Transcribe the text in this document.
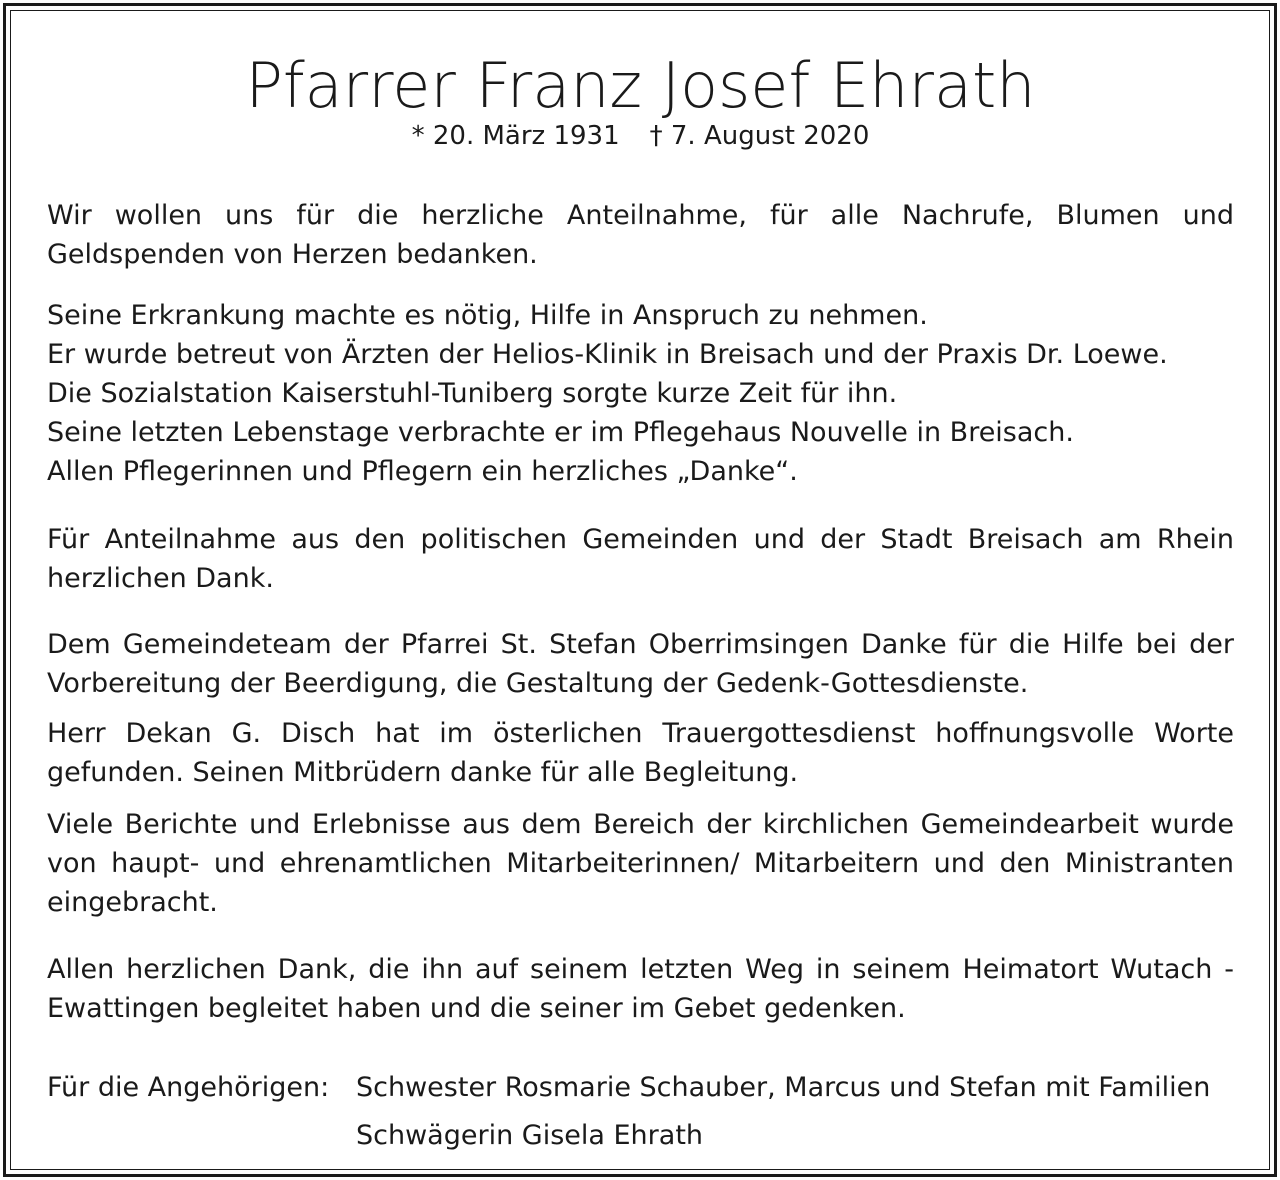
Pfarrer Franz Josef Ehrath
* 20. März 1931 † 7. August 2020

Wir wollen uns für die herzliche Anteilnahme, für alle Nachrufe, Blumen und Geldspenden von Herzen bedanken.

Seine Erkrankung machte es nötig, Hilfe in Anspruch zu nehmen.
Er wurde betreut von Ärzten der Helios-Klinik in Breisach und der Praxis Dr. Loewe.
Die Sozialstation Kaiserstuhl-Tuniberg sorgte kurze Zeit für ihn.
Seine letzten Lebenstage verbrachte er im Pflegehaus Nouvelle in Breisach.
Allen Pflegerinnen und Pflegern ein herzliches „Danke“.

Für Anteilnahme aus den politischen Gemeinden und der Stadt Breisach am Rhein herzlichen Dank.

Dem Gemeindeteam der Pfarrei St. Stefan Oberrimsingen Danke für die Hilfe bei der Vorbereitung der Beerdigung, die Gestaltung der Gedenk-Gottesdienste.

Herr Dekan G. Disch hat im österlichen Trauergottesdienst hoffnungsvolle Worte gefunden. Seinen Mitbrüdern danke für alle Begleitung.

Viele Berichte und Erlebnisse aus dem Bereich der kirchlichen Gemeindearbeit wurde von haupt- und ehrenamtlichen Mitarbeiterinnen/ Mitarbeitern und den Ministranten eingebracht.

Allen herzlichen Dank, die ihn auf seinem letzten Weg in seinem Heimatort Wutach - Ewattingen begleitet haben und die seiner im Gebet gedenken.

Für die Angehörigen: Schwester Rosmarie Schauber, Marcus und Stefan mit Familien
Schwägerin Gisela Ehrath
